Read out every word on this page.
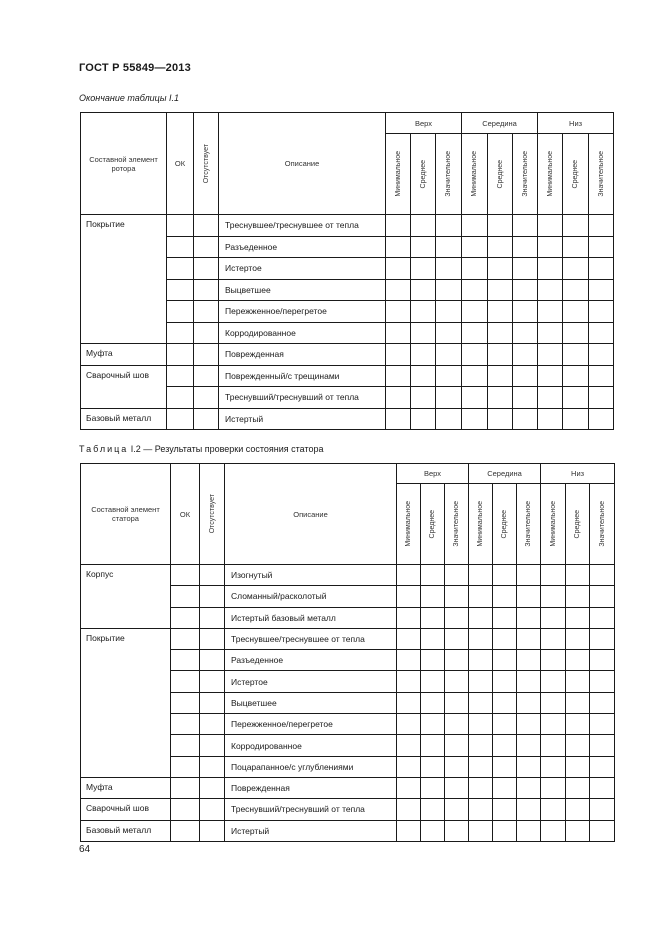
ГОСТ Р 55849—2013
Окончание таблицы I.1
Составной элемент ротора	ОК	Отсутствует	Описание	Верх			Середина			Низ		

				Минимальное	Среднее	Значительное	Минимальное	Среднее	Значительное	Минимальное	Среднее	Значительное

Покрытие			Треснувшее/треснувшее от тепла									
			Разъеденное									
			Истертое									
			Выцветшее									
			Пережженное/перегретое									
			Корродированное									
Муфта			Поврежденная									
Сварочный шов			Поврежденный/с трещинами									
			Треснувший/треснувший от тепла									
Базовый металл			Истертый									
Таблица I.2 — Результаты проверки состояния статора
Составной элемент статора	ОК	Отсутствует	Описание	Верх			Середина			Низ		

				Минимальное	Среднее	Значительное	Минимальное	Среднее	Значительное	Минимальное	Среднее	Значительное

Корпус			Изогнутый									
			Сломанный/расколотый									
			Истертый базовый металл									
Покрытие			Треснувшее/треснувшее от тепла									
			Разъеденное									
			Истертое									
			Выцветшее									
			Пережженное/перегретое									
			Корродированное									
			Поцарапанное/с углублениями									
Муфта			Поврежденная									
Сварочный шов			Треснувший/треснувший от тепла									
Базовый металл			Истертый									
64
